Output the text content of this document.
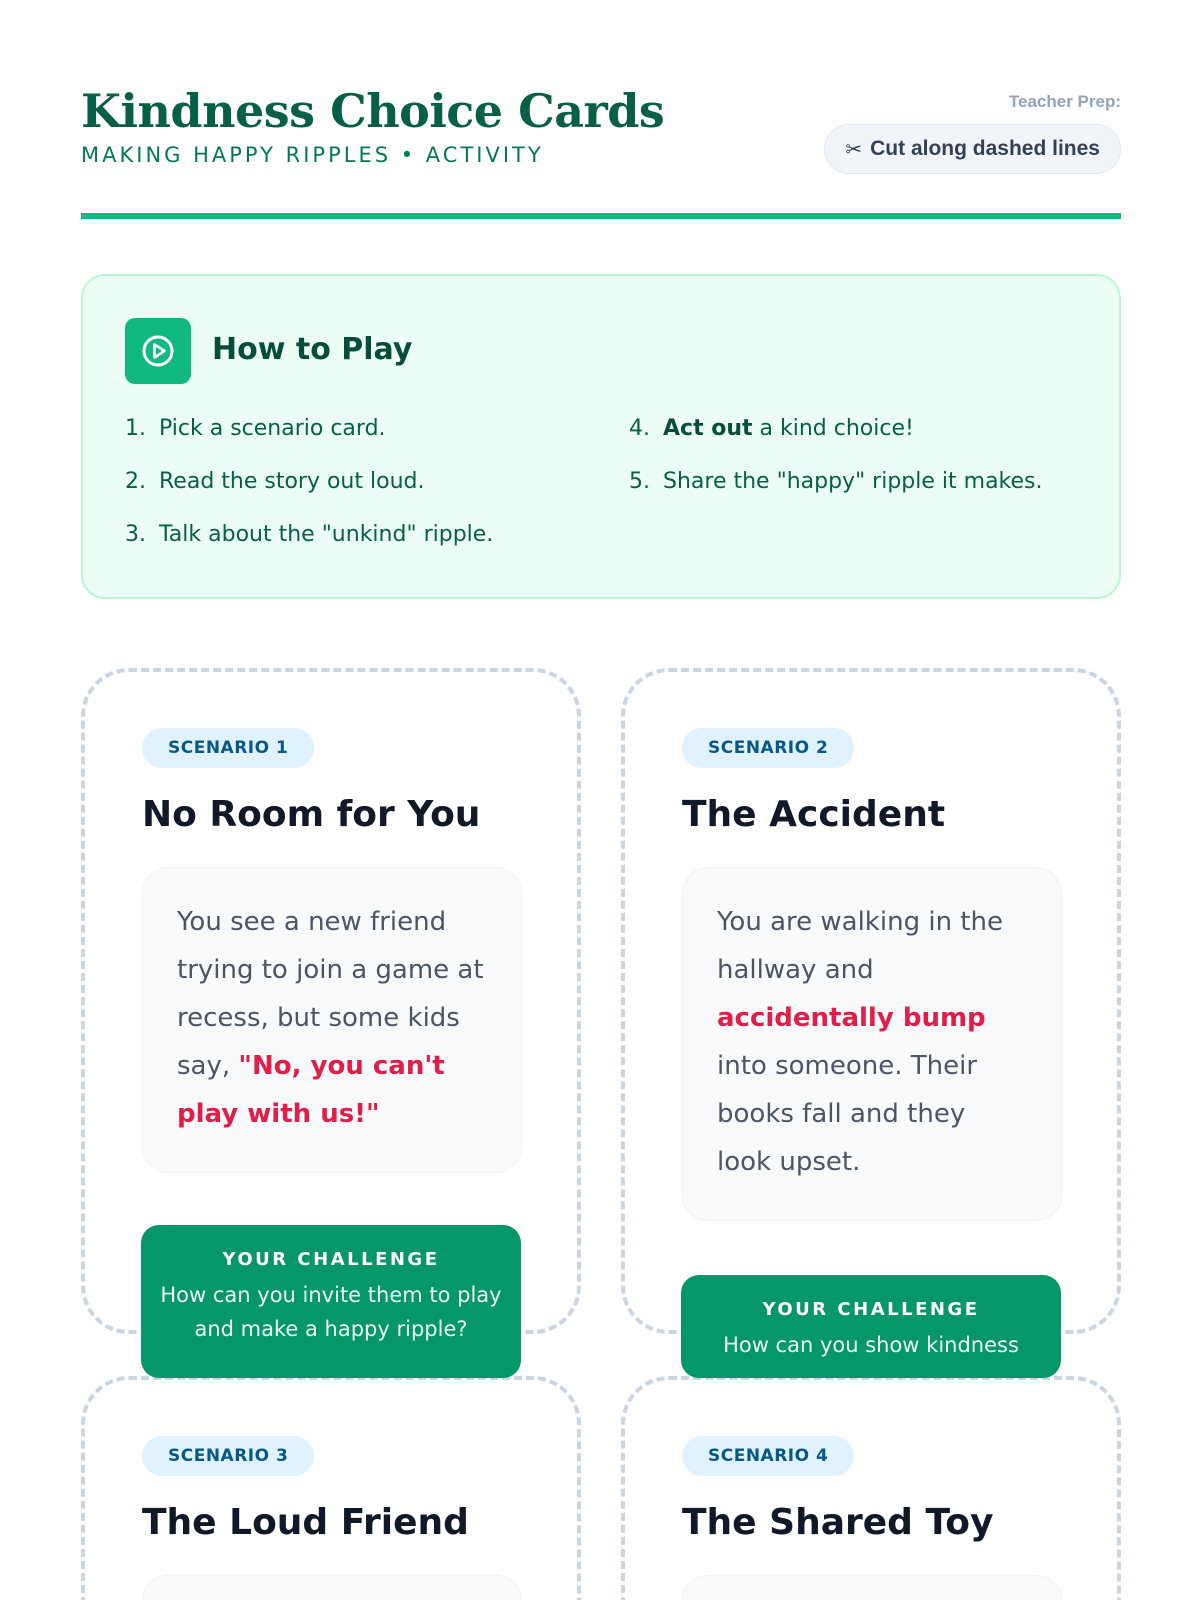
Kindness Choice Cards
MAKING HAPPY RIPPLES • ACTIVITY
Teacher Prep:
✂ Cut along dashed lines
How to Play
1. Pick a scenario card.
2. Read the story out loud.
3. Talk about the "unkind" ripple.
4. Act out a kind choice!
5. Share the "happy" ripple it makes.
SCENARIO 1
No Room for You
You see a new friend trying to join a game at recess, but some kids say, "No, you can't play with us!"
SCENARIO 2
The Accident
You are walking in the hallway and accidentally bump into someone. Their books fall and they look upset.
SCENARIO 3
The Loud Friend
SCENARIO 4
The Shared Toy
YOUR CHALLENGE
How can you invite them to play and make a happy ripple?
YOUR CHALLENGE
How can you show kindness
